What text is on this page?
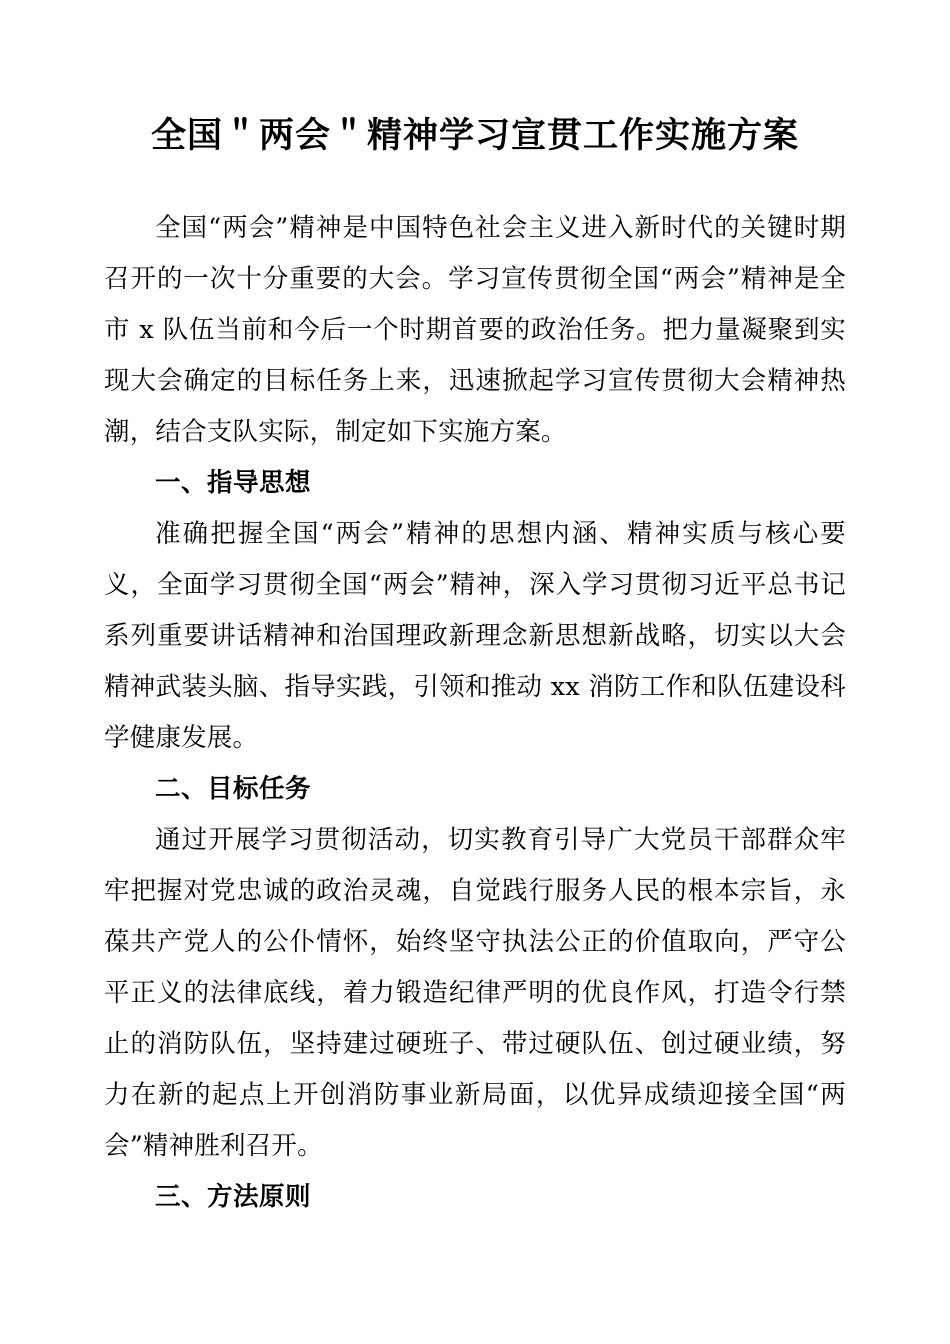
全国＂两会＂精神学习宣贯工作实施方案

全国“两会”精神是中国特色社会主义进入新时代的关键时期召开的一次十分重要的大会。学习宣传贯彻全国“两会”精神是全市 x 队伍当前和今后一个时期首要的政治任务。把力量凝聚到实现大会确定的目标任务上来，迅速掀起学习宣传贯彻大会精神热潮，结合支队实际，制定如下实施方案。

一、指导思想

准确把握全国“两会”精神的思想内涵、精神实质与核心要义，全面学习贯彻全国“两会”精神，深入学习贯彻习近平总书记系列重要讲话精神和治国理政新理念新思想新战略，切实以大会精神武装头脑、指导实践，引领和推动 xx 消防工作和队伍建设科学健康发展。

二、目标任务

通过开展学习贯彻活动，切实教育引导广大党员干部群众牢牢把握对党忠诚的政治灵魂，自觉践行服务人民的根本宗旨，永葆共产党人的公仆情怀，始终坚守执法公正的价值取向，严守公平正义的法律底线，着力锻造纪律严明的优良作风，打造令行禁止的消防队伍，坚持建过硬班子、带过硬队伍、创过硬业绩，努力在新的起点上开创消防事业新局面，以优异成绩迎接全国“两会”精神胜利召开。

三、方法原则
